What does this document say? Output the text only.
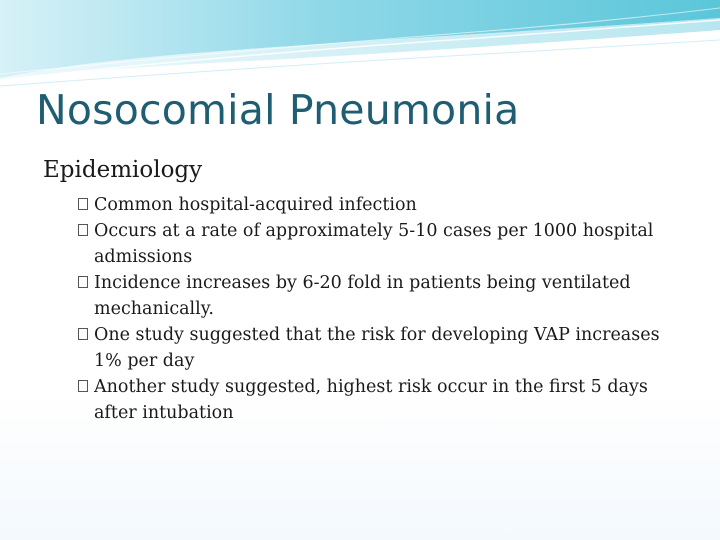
Nosocomial Pneumonia
Epidemiology
Common hospital-acquired infection
Occurs at a rate of approximately 5-10 cases per 1000 hospital admissions
Incidence increases by 6-20 fold in patients being ventilated mechanically.
One study suggested that the risk for developing VAP increases 1% per day
Another study suggested, highest risk occur in the first 5 days after intubation
